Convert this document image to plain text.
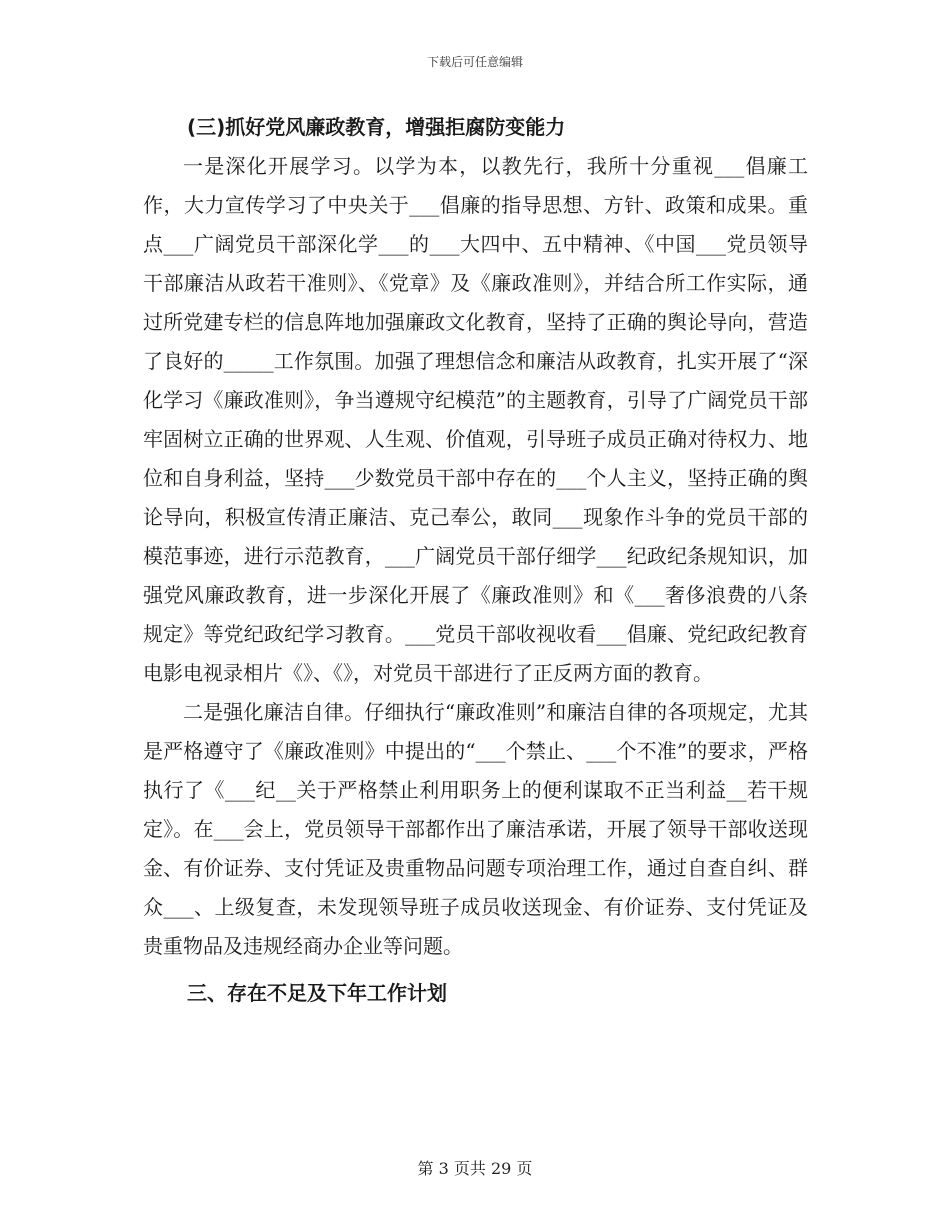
下载后可任意编辑

(三)抓好党风廉政教育，增强拒腐防变能力

一是深化开展学习。以学为本，以教先行，我所十分重视___倡廉工作，大力宣传学习了中央关于___倡廉的指导思想、方针、政策和成果。重点___广阔党员干部深化学___的___大四中、五中精神、《中国___党员领导干部廉洁从政若干准则》、《党章》及《廉政准则》，并结合所工作实际，通过所党建专栏的信息阵地加强廉政文化教育，坚持了正确的舆论导向，营造了良好的_____工作氛围。加强了理想信念和廉洁从政教育，扎实开展了“深化学习《廉政准则》，争当遵规守纪模范”的主题教育，引导了广阔党员干部牢固树立正确的世界观、人生观、价值观，引导班子成员正确对待权力、地位和自身利益，坚持___少数党员干部中存在的___个人主义，坚持正确的舆论导向，积极宣传清正廉洁、克己奉公，敢同___现象作斗争的党员干部的模范事迹，进行示范教育，___广阔党员干部仔细学___纪政纪条规知识，加强党风廉政教育，进一步深化开展了《廉政准则》和《___奢侈浪费的八条规定》等党纪政纪学习教育。___党员干部收视收看___倡廉、党纪政纪教育电影电视录相片《》、《》，对党员干部进行了正反两方面的教育。

二是强化廉洁自律。仔细执行“廉政准则”和廉洁自律的各项规定，尤其是严格遵守了《廉政准则》中提出的“___个禁止、___个不准”的要求，严格执行了《___纪__关于严格禁止利用职务上的便利谋取不正当利益__若干规定》。在___会上，党员领导干部都作出了廉洁承诺，开展了领导干部收送现金、有价证券、支付凭证及贵重物品问题专项治理工作，通过自查自纠、群众___、上级复查，未发现领导班子成员收送现金、有价证券、支付凭证及贵重物品及违规经商办企业等问题。

三、存在不足及下年工作计划

第 3 页共 29 页
